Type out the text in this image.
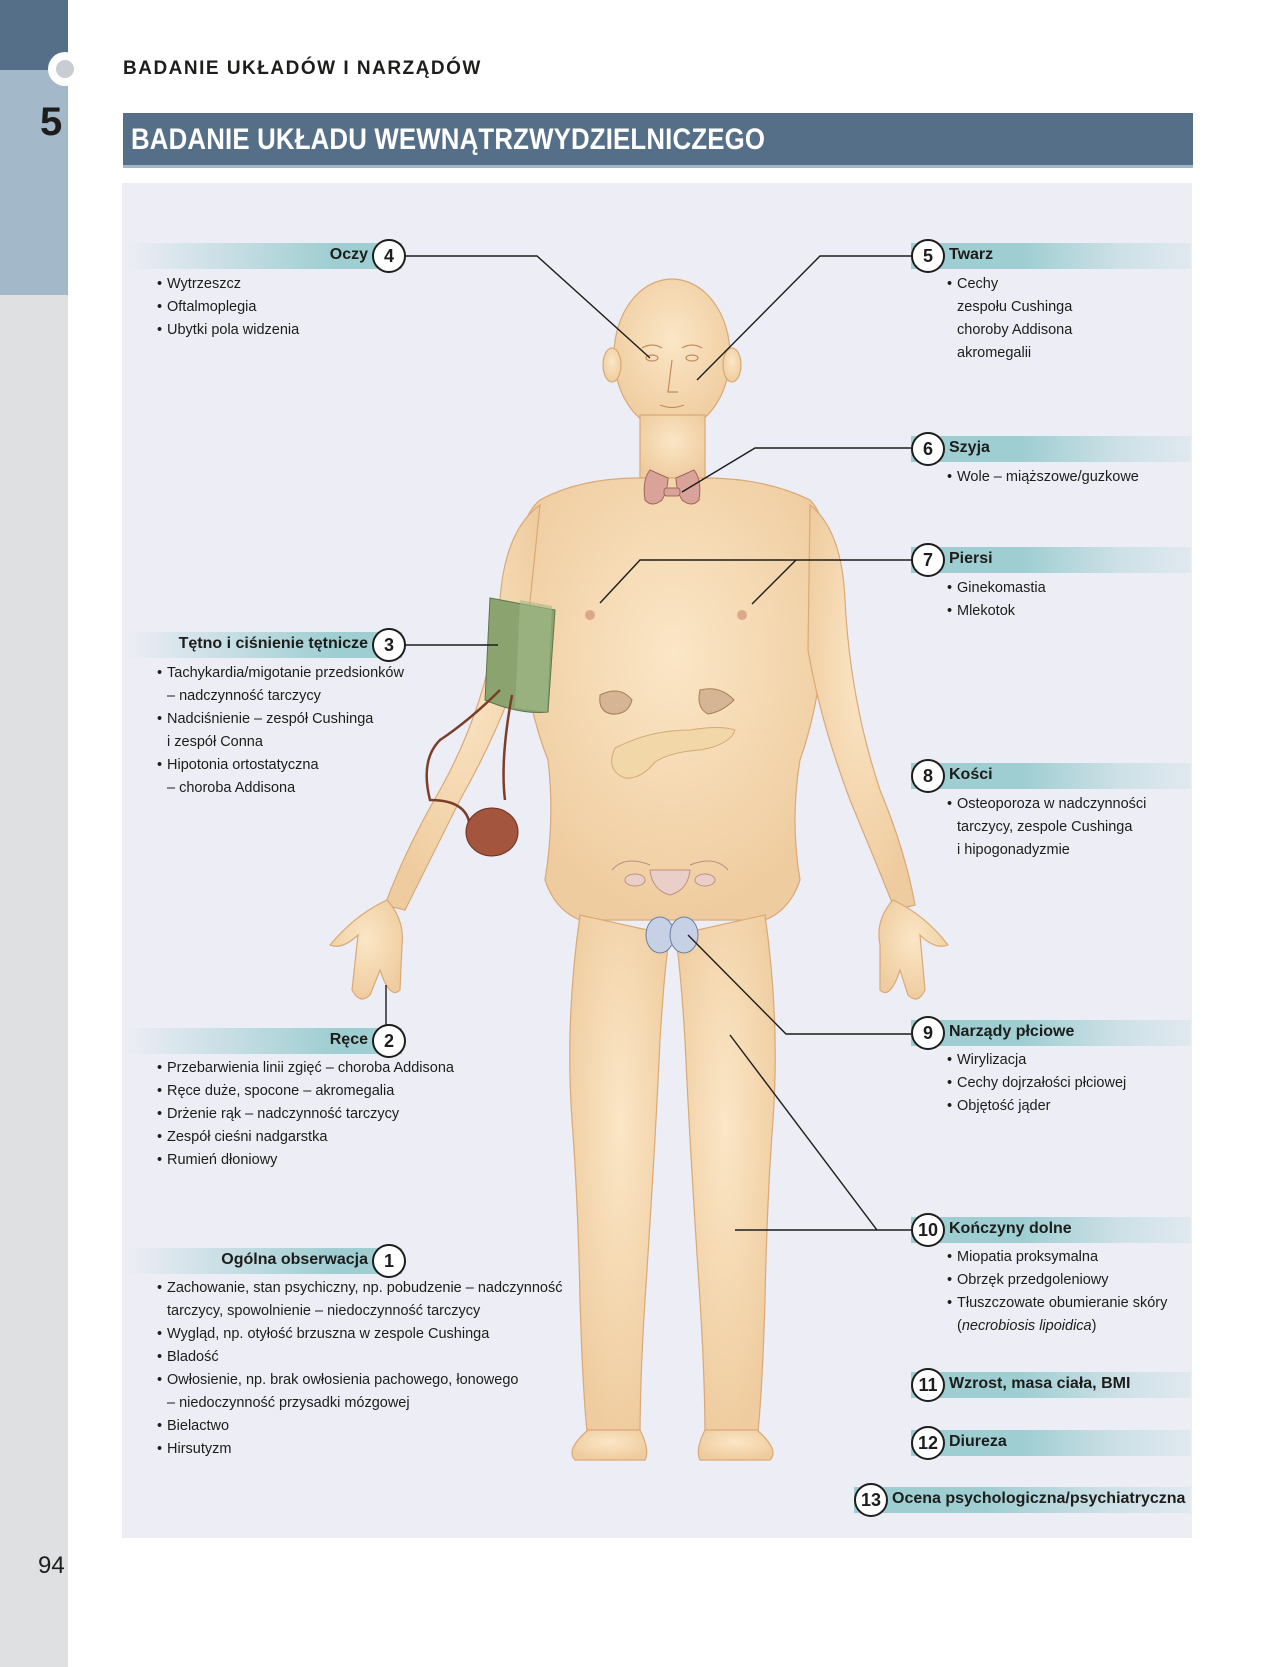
5
94
BADANIE UKŁADÓW I NARZĄDÓW
BADANIE UKŁADU WEWNĄTRZWYDZIELNICZEGO
Oczy 4
• Wytrzeszcz
• Oftalmoplegia
• Ubytki pola widzenia
Tętno i ciśnienie tętnicze 3
• Tachykardia/migotanie przedsionków
– nadczynność tarczycy
• Nadciśnienie – zespół Cushinga
i zespół Conna
• Hipotonia ortostatyczna
– choroba Addisona
Ręce 2
• Przebarwienia linii zgięć – choroba Addisona
• Ręce duże, spocone – akromegalia
• Drżenie rąk – nadczynność tarczycy
• Zespół cieśni nadgarstka
• Rumień dłoniowy
Ogólna obserwacja 1
• Zachowanie, stan psychiczny, np. pobudzenie – nadczynność
tarczycy, spowolnienie – niedoczynność tarczycy
• Wygląd, np. otyłość brzuszna w zespole Cushinga
• Bladość
• Owłosienie, np. brak owłosienia pachowego, łonowego
– niedoczynność przysadki mózgowej
• Bielactwo
• Hirsutyzm
5	Twarz
• Cechy
zespołu Cushinga
choroby Addisona
akromegalii
6	Szyja
• Wole – miąższowe/guzkowe
7	Piersi
• Ginekomastia
• Mlekotok
8	Kości
• Osteoporoza w nadczynności
tarczycy, zespole Cushinga
i hipogonadyzmie
9	Narządy płciowe
• Wirylizacja
• Cechy dojrzałości płciowej
• Objętość jąder
10 Kończyny dolne
• Miopatia proksymalna
• Obrzęk przedgoleniowy
• Tłuszczowate obumieranie skóry
(necrobiosis lipoidica)
11 Wzrost, masa ciała, BMI
12 Diureza
13 Ocena psychologiczna/psychiatryczna
